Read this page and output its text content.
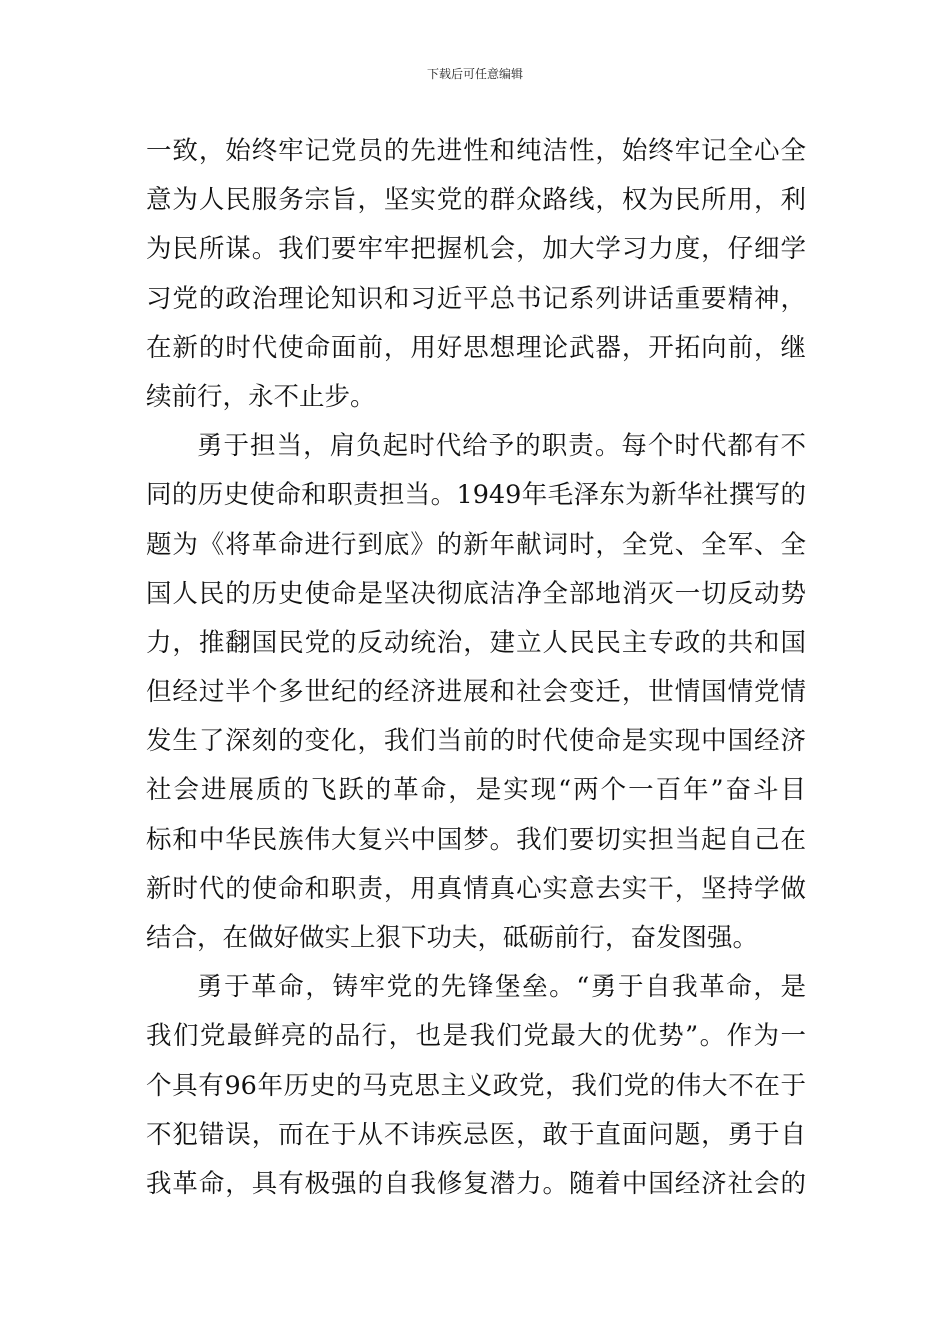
下载后可任意编辑
一致，始终牢记党员的先进性和纯洁性，始终牢记全心全
意为人民服务宗旨，坚实党的群众路线，权为民所用，利
为民所谋。我们要牢牢把握机会，加大学习力度，仔细学
习党的政治理论知识和习近平总书记系列讲话重要精神，
在新的时代使命面前，用好思想理论武器，开拓向前，继
续前行，永不止步。
勇于担当，肩负起时代给予的职责。每个时代都有不
同的历史使命和职责担当。1949年毛泽东为新华社撰写的
题为《将革命进行到底》的新年献词时，全党、全军、全
国人民的历史使命是坚决彻底洁净全部地消灭一切反动势
力，推翻国民党的反动统治，建立人民民主专政的共和国
但经过半个多世纪的经济进展和社会变迁，世情国情党情
发生了深刻的变化，我们当前的时代使命是实现中国经济
社会进展质的飞跃的革命，是实现“两个一百年”奋斗目
标和中华民族伟大复兴中国梦。我们要切实担当起自己在
新时代的使命和职责，用真情真心实意去实干，坚持学做
结合，在做好做实上狠下功夫，砥砺前行，奋发图强。
勇于革命，铸牢党的先锋堡垒。“勇于自我革命，是
我们党最鲜亮的品行，也是我们党最大的优势”。作为一
个具有96年历史的马克思主义政党，我们党的伟大不在于
不犯错误，而在于从不讳疾忌医，敢于直面问题，勇于自
我革命，具有极强的自我修复潜力。随着中国经济社会的
